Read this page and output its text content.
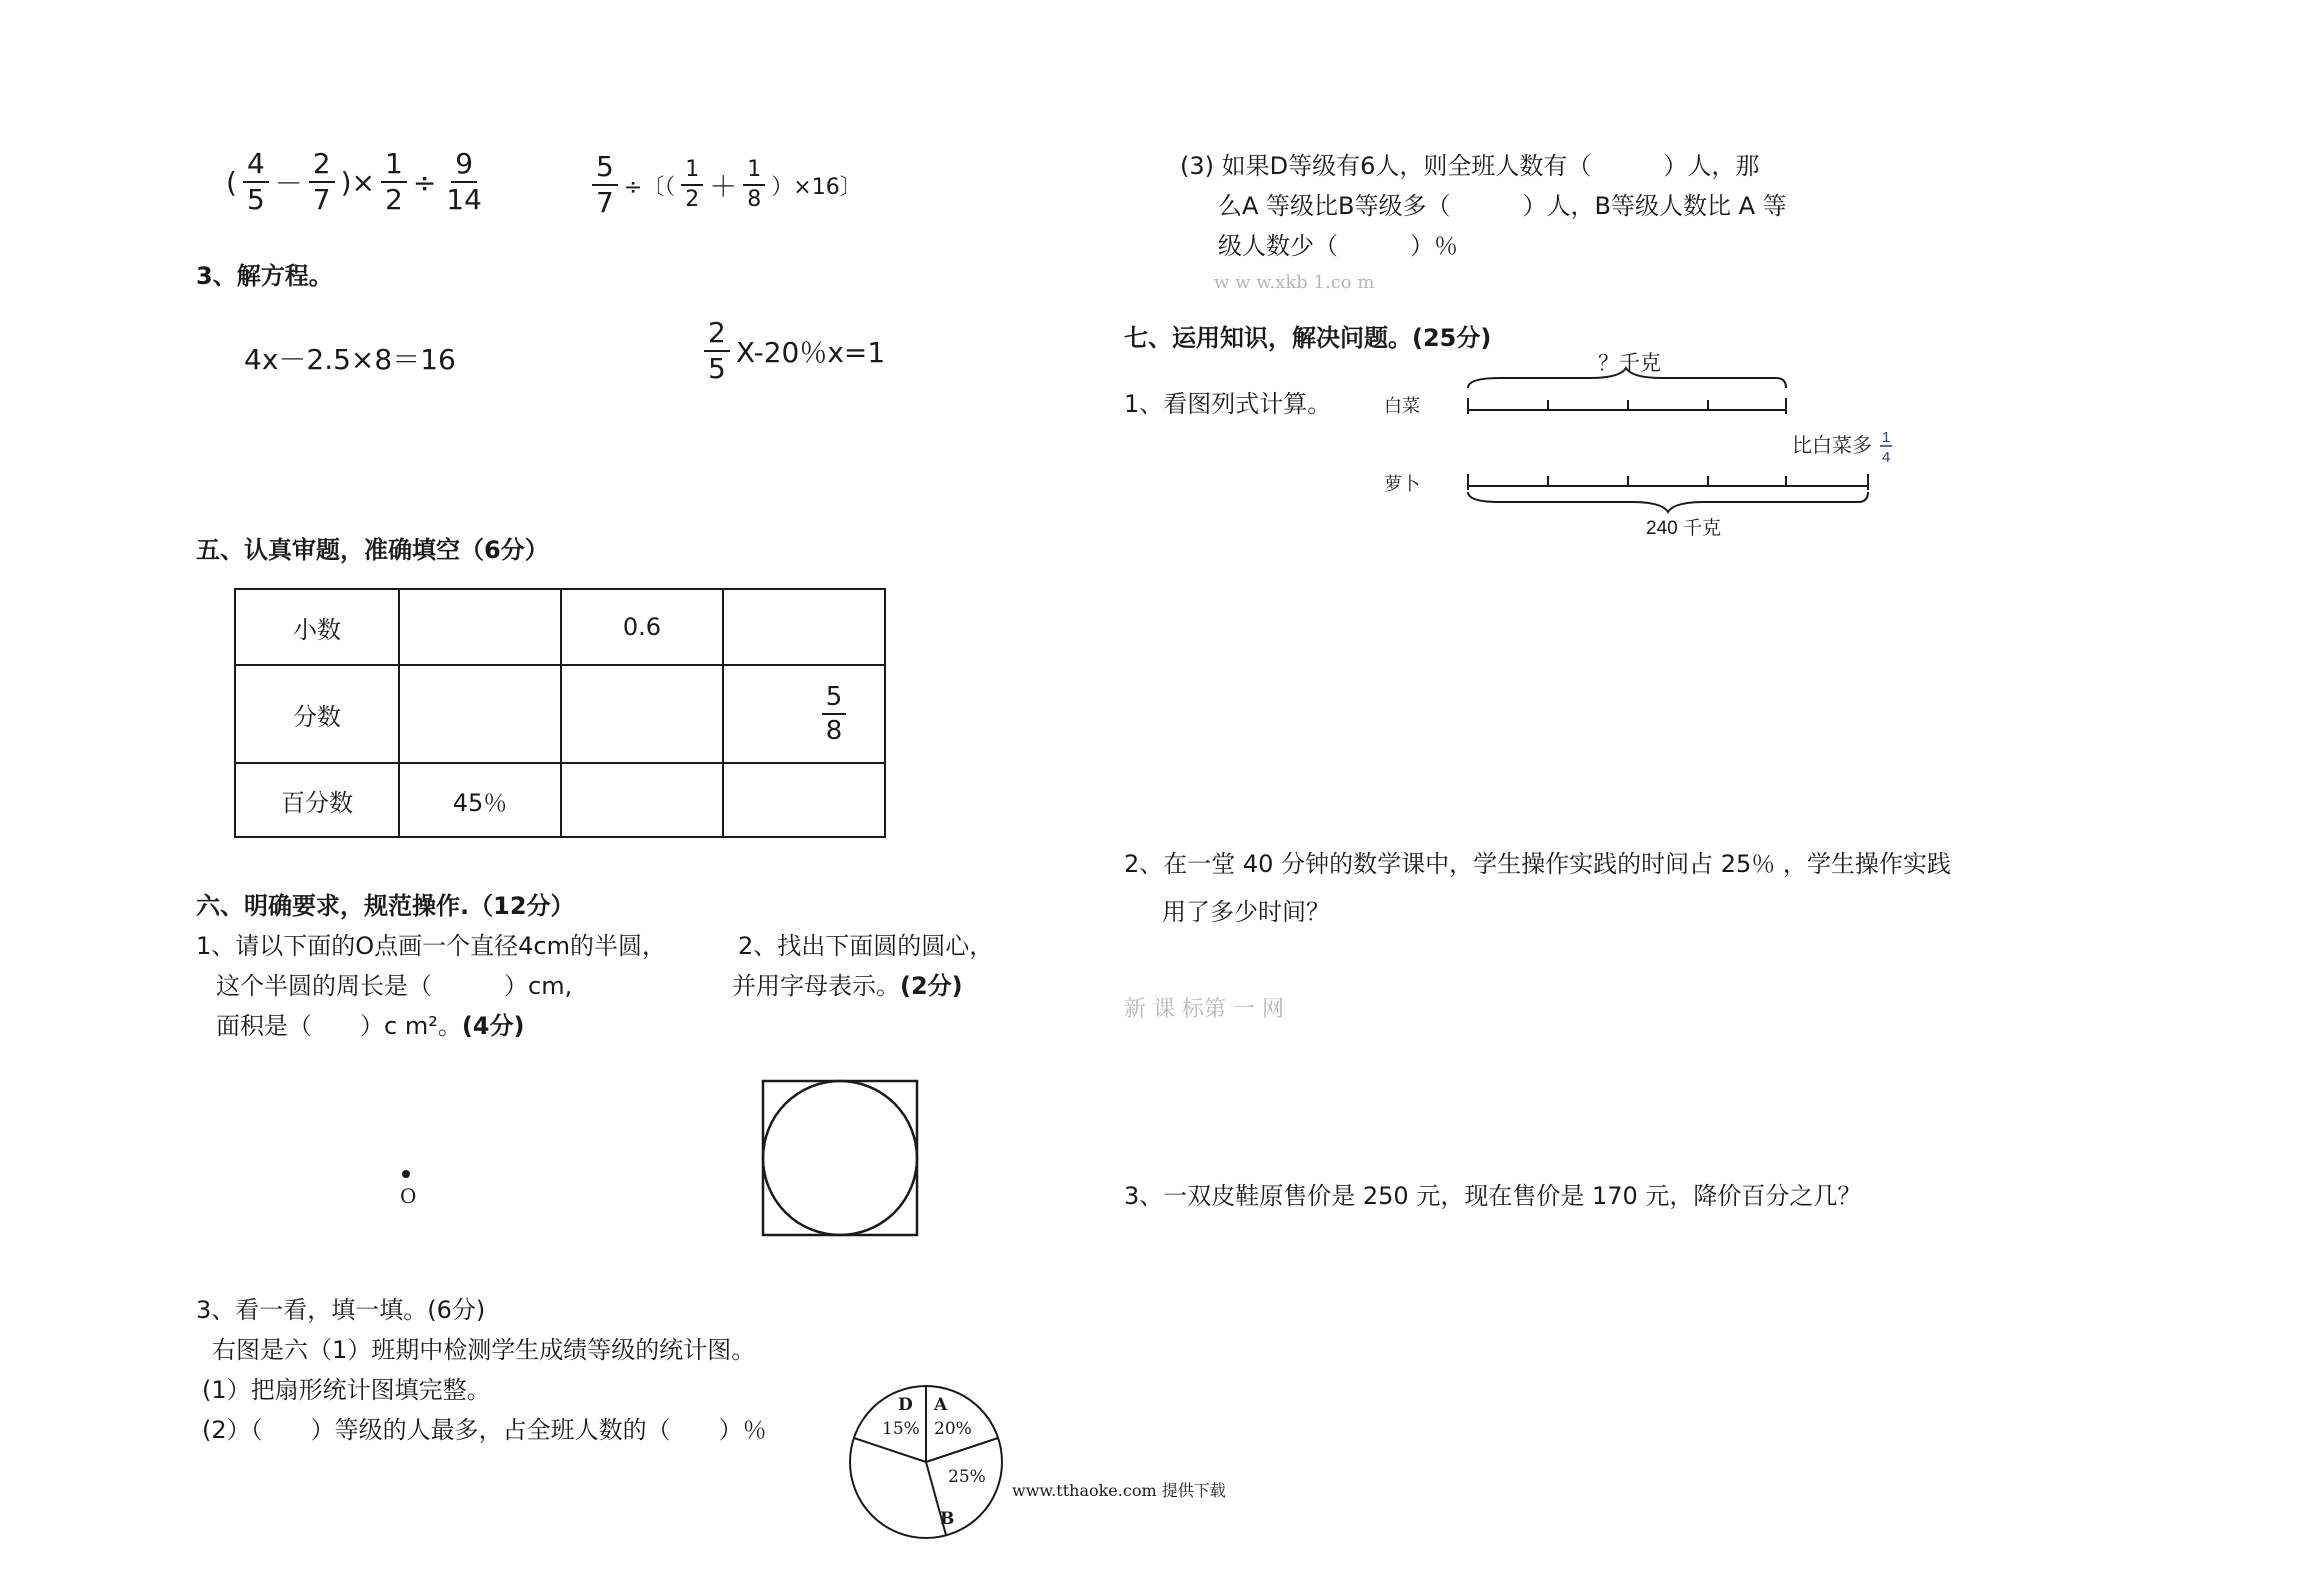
( $\frac{4}{5} - \frac{2}{7}$ )× $\frac{1}{2} \div \frac{9}{14}$	$\frac{5}{7}$ ÷〔（ $\frac{1}{2} + \frac{1}{8} )\times 16$〕
3、解方程。
4x－2.5×8＝16	$\frac{2}{5} X-20$％x=1
五、认真审题，准确填空（6分）
小数		0.6	
分数			$\frac{5}{8}$

百分数	45％		
六、明确要求，规范操作.（12分）
1、请以下面的O点画一个直径4cm的半圆，
这个半圆的周长是（　　　）cm,
面积是（　　）c m²。(4分)
2、找出下面圆的圆心，
并用字母表示。(2分)
O
3、看一看，填一填。(6分)
右图是六（1）班期中检测学生成绩等级的统计图。
(1）把扇形统计图填完整。
(2）（　　）等级的人最多，占全班人数的（　　）％
D
15%
A
20%
25%
B
www.tthaoke.com 提供下载
(3) 如果D等级有6人，则全班人数有（　　　）人，那
么A 等级比B等级多（　　　）人，B等级人数比 A 等
级人数少（　　　）％
w w w.xkb 1.co m
七、运用知识，解决问题。(25分)
1、看图列式计算。
？千克
白菜
比白菜多 1
4
萝卜
240 千克
2、在一堂 40 分钟的数学课中，学生操作实践的时间占 25％ ，学生操作实践
用了多少时间？
新 课 标第 一 网
3、一双皮鞋原售价是 250 元，现在售价是 170 元，降价百分之几？
